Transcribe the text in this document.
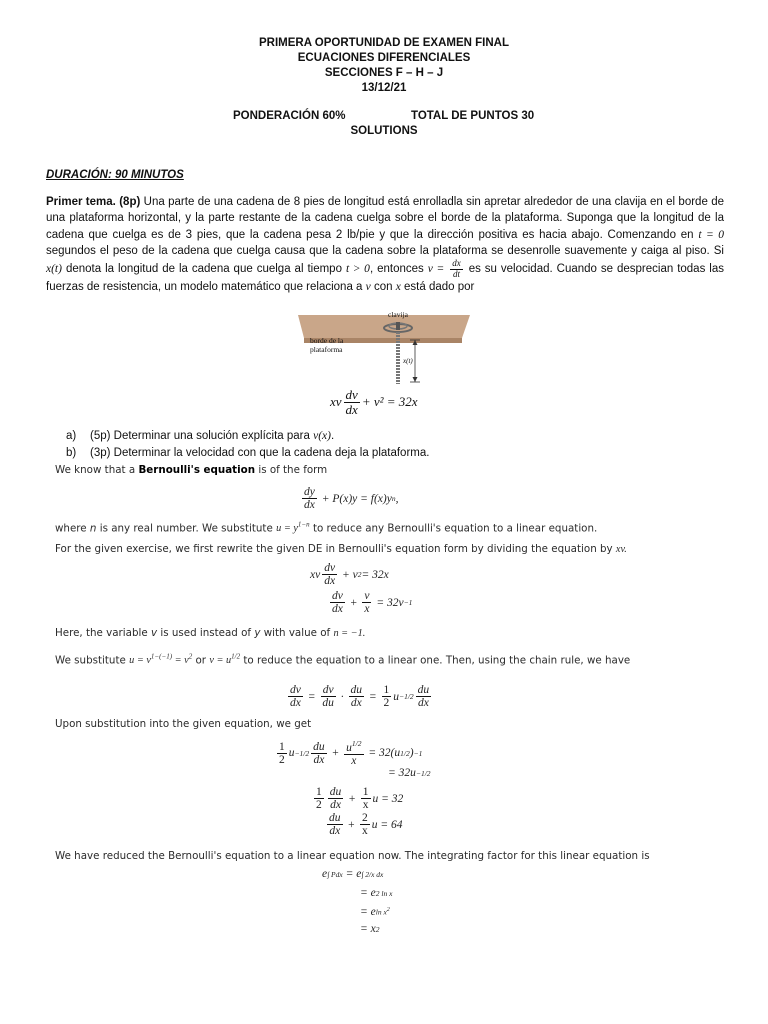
PRIMERA OPORTUNIDAD DE EXAMEN FINAL
ECUACIONES DIFERENCIALES
SECCIONES F – H – J
13/12/21
PONDERACIÓN 60%	TOTAL DE PUNTOS 30
SOLUTIONS
DURACIÓN: 90 MINUTOS
Primer tema. (8p) Una parte de una cadena de 8 pies de longitud está enrolladla sin apretar alrededor de una clavija en el borde de una plataforma horizontal, y la parte restante de la cadena cuelga sobre el borde de la plataforma. Suponga que la longitud de la cadena que cuelga es de 3 pies, que la cadena pesa 2 lb/pie y que la dirección positiva es hacia abajo. Comenzando en t = 0 segundos el peso de la cadena que cuelga causa que la cadena sobre la plataforma se desenrolle suavemente y caiga al piso. Si x(t) denota la longitud de la cadena que cuelga al tiempo t > 0, entonces $v = \frac{dx}{dt}$ es su velocidad. Cuando se desprecian todas las fuerzas de resistencia, un modelo matemático que relaciona a v con x está dado por
clavija
borde de la
plataforma
x(t)
xv $\frac{dv}{dx} + v^2 = 32x$
a) (5p) Determinar una solución explícita para v(x).
b) (3p) Determinar la velocidad con que la cadena deja la plataforma.
We know that a Bernoulli's equation is of the form
$\frac{dy}{dx} + P(x)y = f(x)y$ n ,
where n is any real number. We substitute $u = y^{1-n}$ to reduce any Bernoulli's equation to a linear equation.
For the given exercise, we first rewrite the given DE in Bernoulli's equation form by dividing the equation by xv.
xv $\frac{dv}{dx} + v$ 2 = 32x
$\frac{dv}{dx} + \frac{v}{x} = 32v -1$
Here, the variable v is used instead of y with value of n = −1.
We substitute $u = v^{1-(-1)} = v^2$ or $v = u^{1/2}$ to reduce the equation to a linear one. Then, using the chain rule, we have
$\frac{dv}{dx} = \frac{dv}{du} \cdot \frac{du}{dx} = \frac{1}{2}$ $u -1/2 \frac{du}{dx}$
Upon substitution into the given equation, we get
$\frac{1}{2}$ $u -1/2 \frac{du}{dx} + \frac{u^{1/2}}{x} = 32(u$ 1/2 ) −1
= 32u −1/2
$\frac{1}{2} \frac{du}{dx} + \frac{1}{x}$ u = 32
$\frac{du}{dx} + \frac{2}{x}$ u = 64
We have reduced the Bernoulli's equation to a linear equation now. The integrating factor for this linear equation is
e ∫ Pdx = e ∫ 2/x dx
= e 2 ln x
= e $\ln x^2$
= x 2
